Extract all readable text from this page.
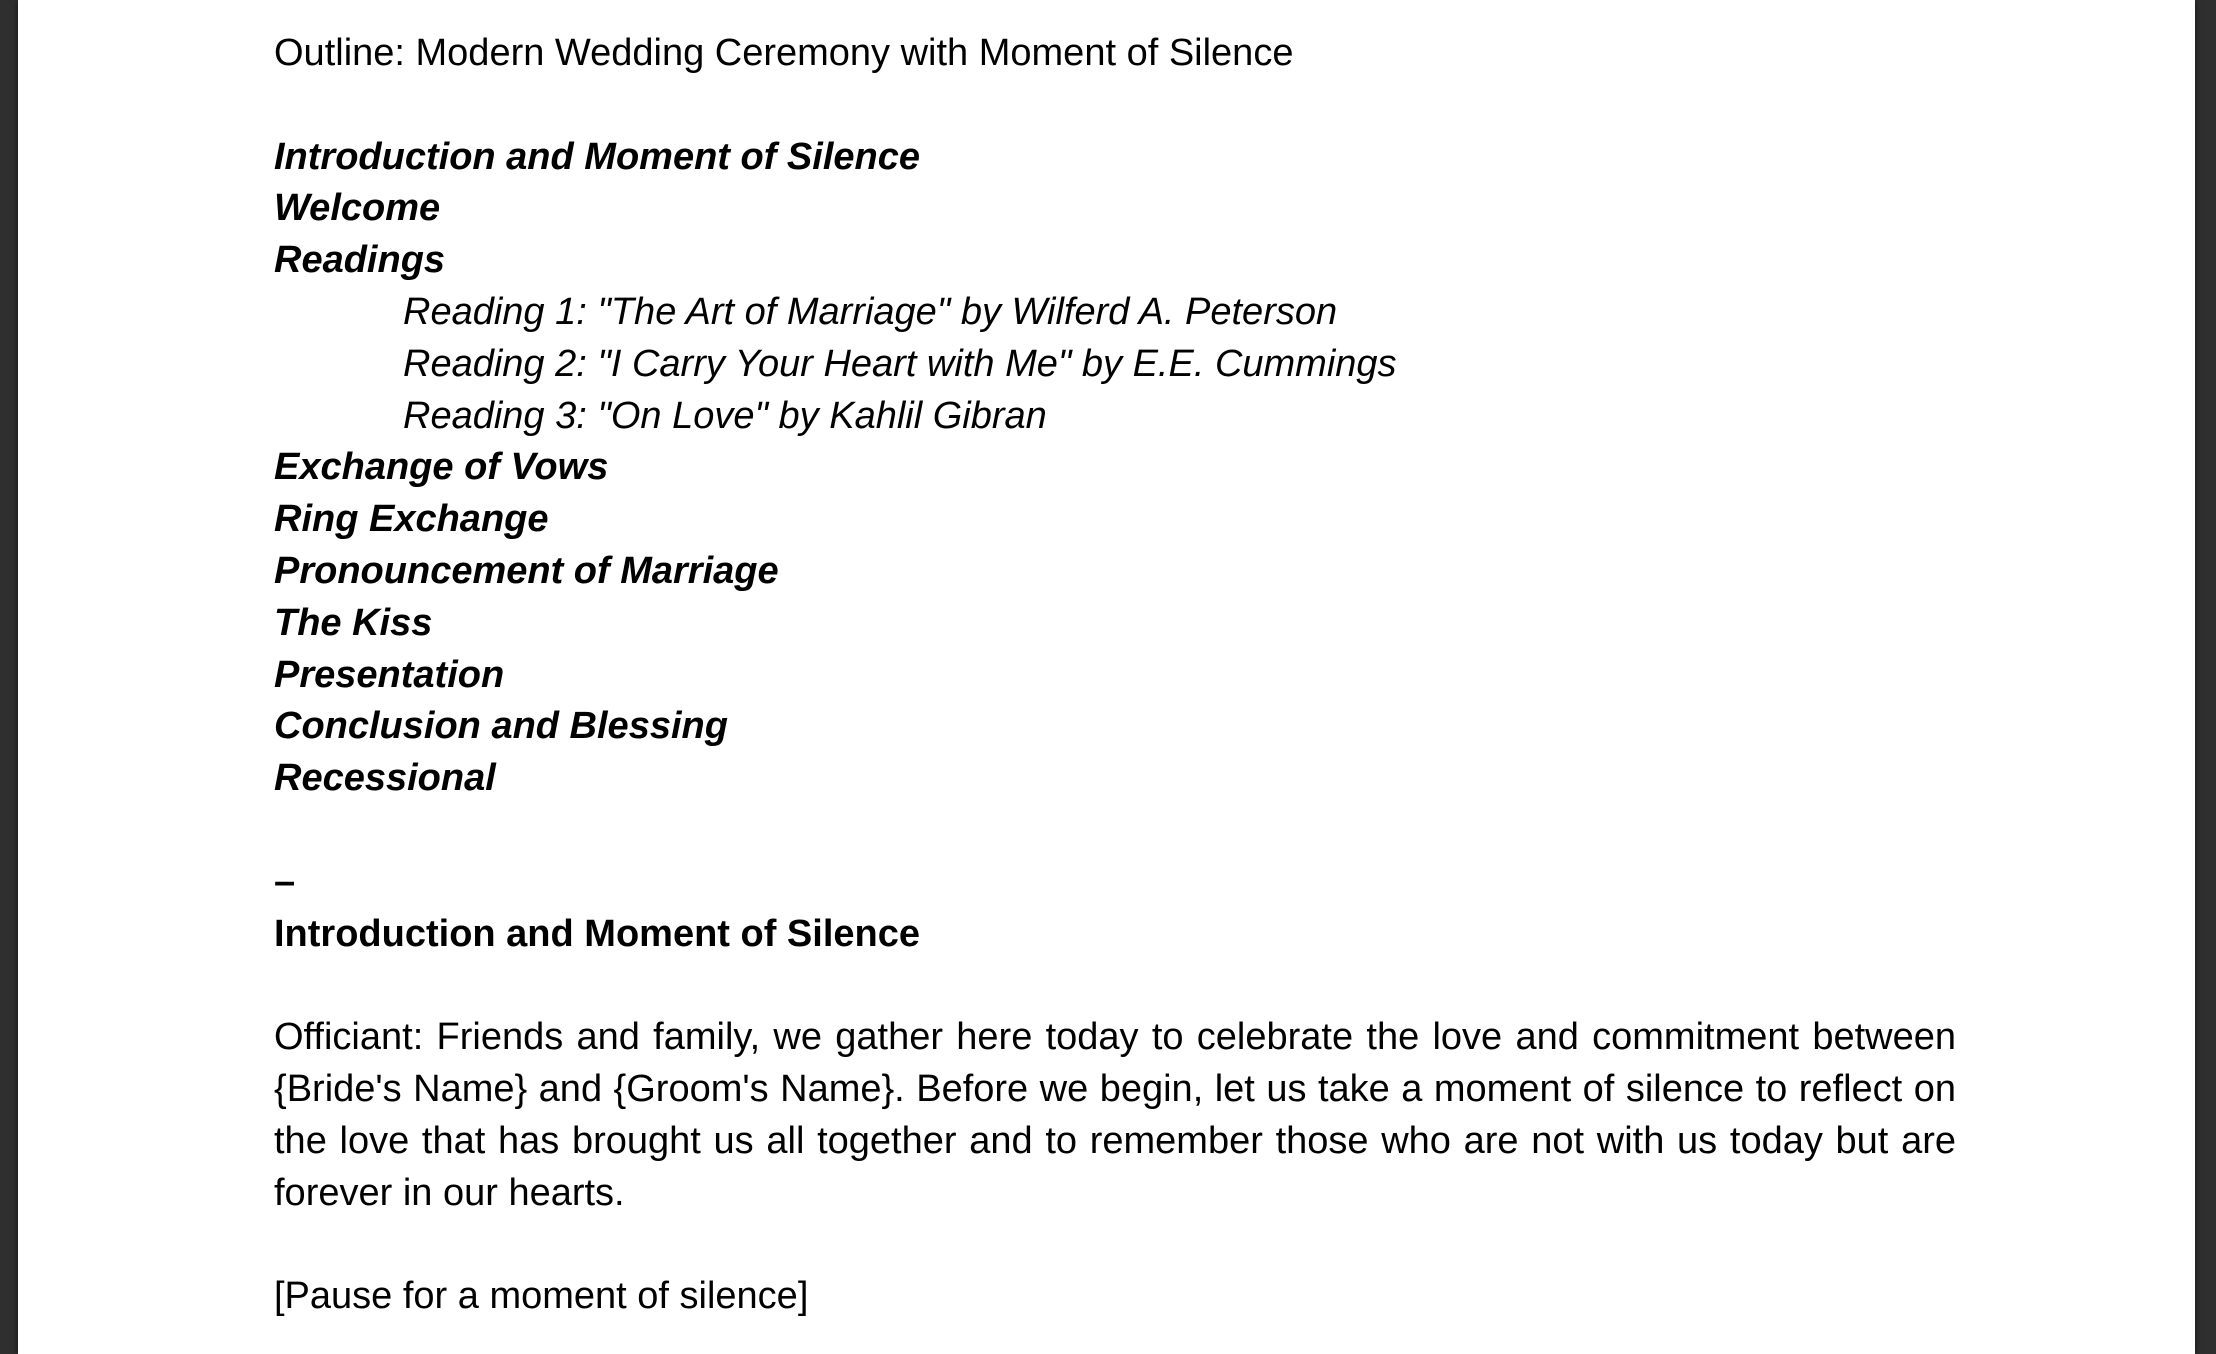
Outline: Modern Wedding Ceremony with Moment of Silence
Introduction and Moment of Silence
Welcome
Readings
Reading 1: "The Art of Marriage" by Wilferd A. Peterson
Reading 2: "I Carry Your Heart with Me" by E.E. Cummings
Reading 3: "On Love" by Kahlil Gibran
Exchange of Vows
Ring Exchange
Pronouncement of Marriage
The Kiss
Presentation
Conclusion and Blessing
Recessional
–
Introduction and Moment of Silence

Officiant: Friends and family, we gather here today to celebrate the love and commitment between {Bride's Name} and {Groom's Name}. Before we begin, let us take a moment of silence to reflect on the love that has brought us all together and to remember those who are not with us today but are forever in our hearts.

[Pause for a moment of silence]
